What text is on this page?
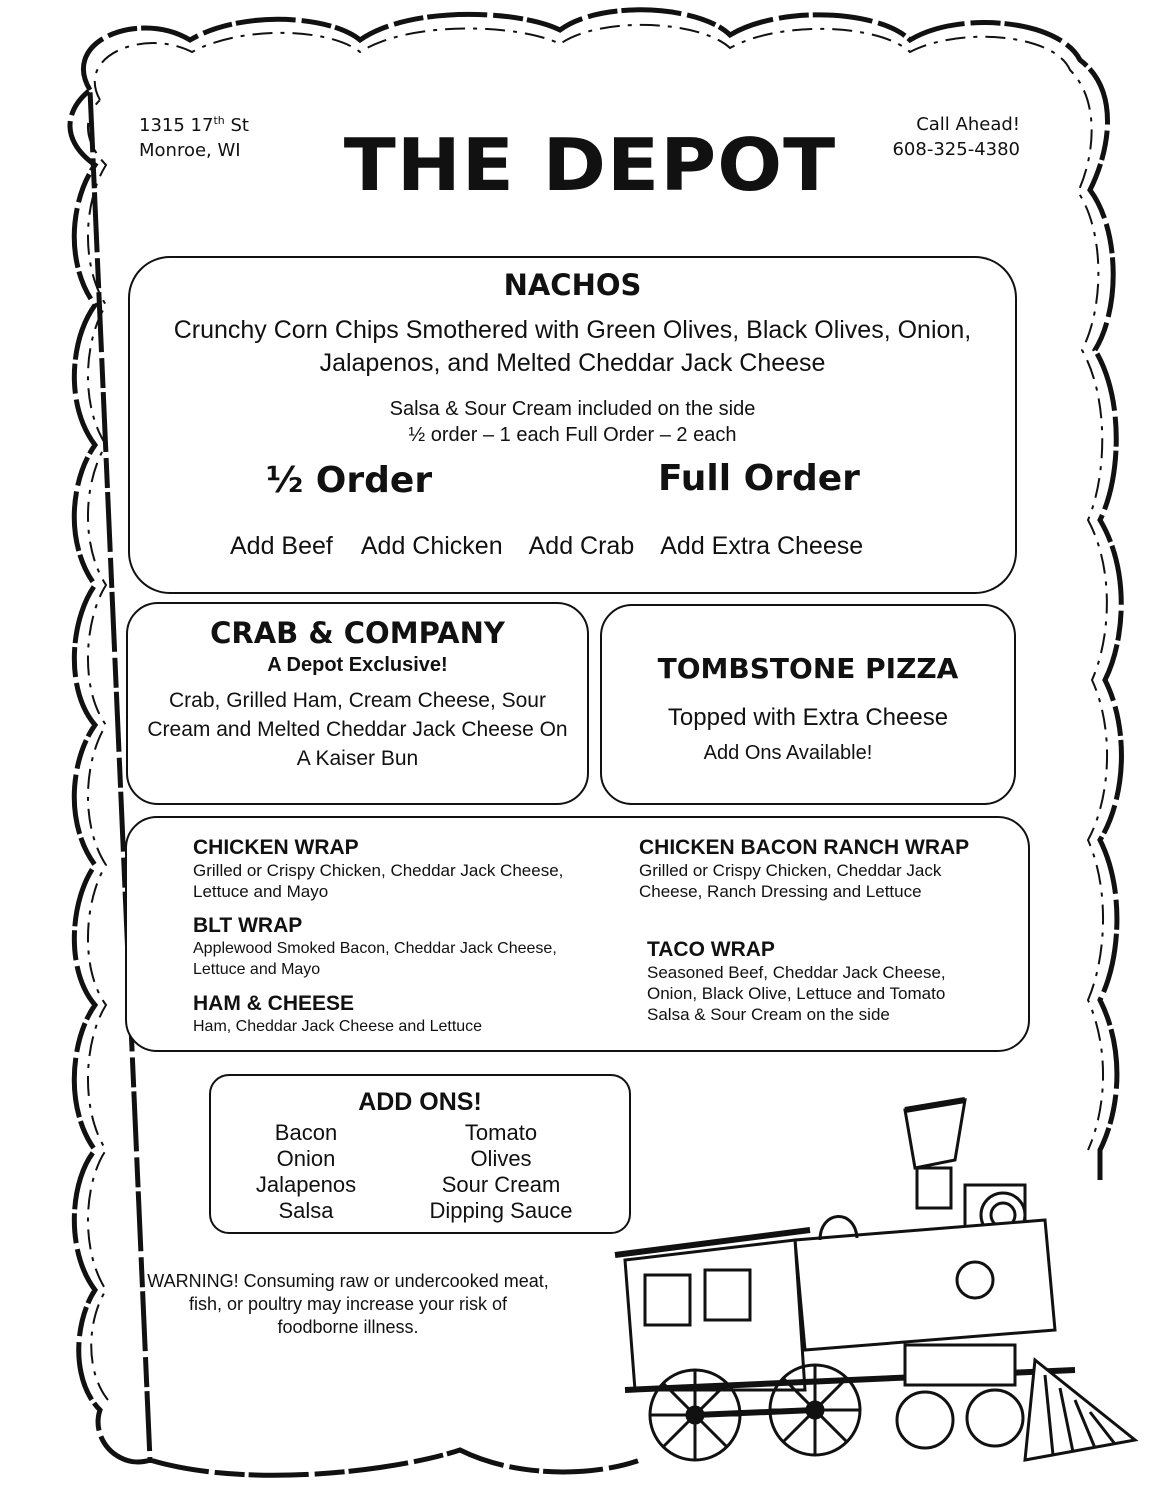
1315 17th St
Monroe, WI	THE DEPOT	Call Ahead!
608-325-4380
NACHOS
Crunchy Corn Chips Smothered with Green Olives, Black Olives, Onion,
Jalapenos, and Melted Cheddar Jack Cheese
Salsa & Sour Cream included on the side
½ order – 1 each Full Order – 2 each
½ Order	Full Order
Add Beef Add Chicken Add Crab Add Extra Cheese
CRAB & COMPANY
A Depot Exclusive!
Crab, Grilled Ham, Cream Cheese, Sour
Cream and Melted Cheddar Jack Cheese On
A Kaiser Bun
TOMBSTONE PIZZA
Topped with Extra Cheese
Add Ons Available!
CHICKEN WRAP
Grilled or Crispy Chicken, Cheddar Jack Cheese,
Lettuce and Mayo
BLT WRAP
Applewood Smoked Bacon, Cheddar Jack Cheese,
Lettuce and Mayo
HAM & CHEESE
Ham, Cheddar Jack Cheese and Lettuce
CHICKEN BACON RANCH WRAP
Grilled or Crispy Chicken, Cheddar Jack
Cheese, Ranch Dressing and Lettuce
TACO WRAP
Seasoned Beef, Cheddar Jack Cheese,
Onion, Black Olive, Lettuce and Tomato
Salsa & Sour Cream on the side
ADD ONS!
Bacon
Onion
Jalapenos
Salsa
Tomato
Olives
Sour Cream
Dipping Sauce
WARNING! Consuming raw or undercooked meat,
fish, or poultry may increase your risk of
foodborne illness.
